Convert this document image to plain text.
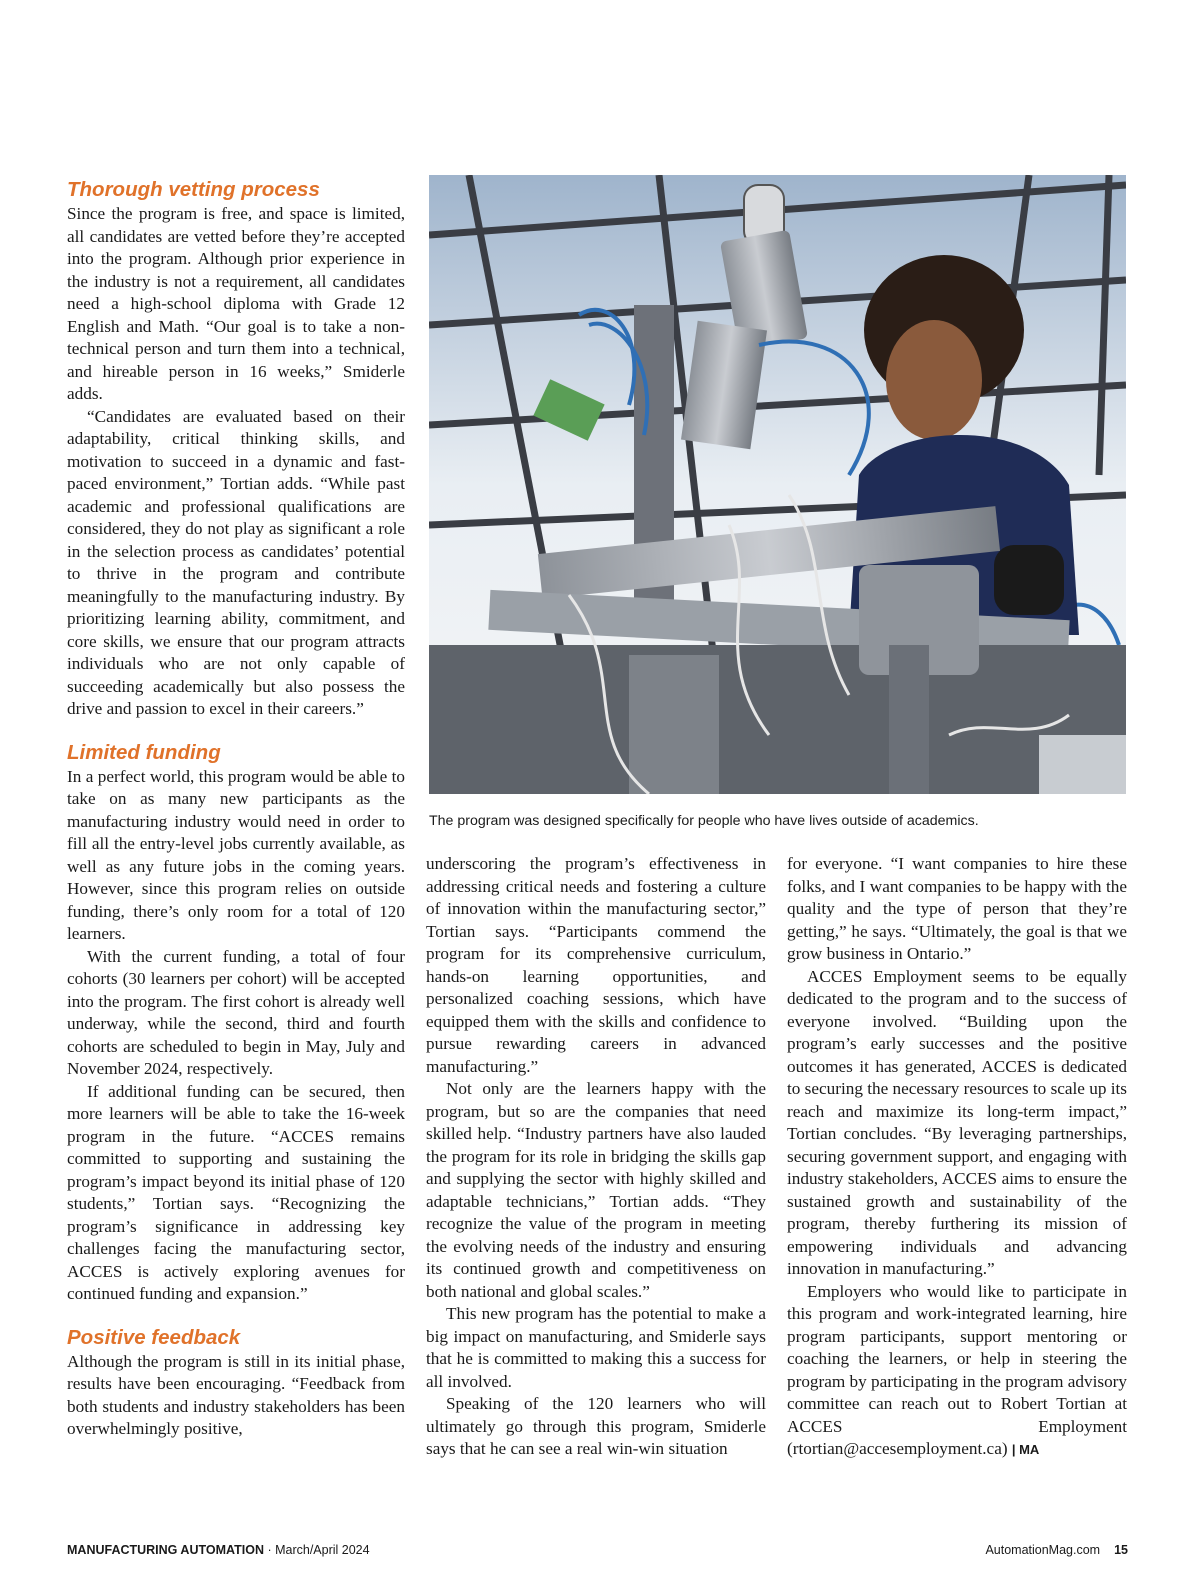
Thorough vetting process

Since the program is free, and space is limited, all candidates are vetted before they’re accepted into the program. Although prior experience in the industry is not a requirement, all candidates need a high-school diploma with Grade 12 English and Math. “Our goal is to take a non-technical person and turn them into a technical, and hireable person in 16 weeks,” Smiderle adds.

“Candidates are evaluated based on their adaptability, critical thinking skills, and motivation to succeed in a dynamic and fast-paced environment,” Tortian adds. “While past academic and professional qualifications are considered, they do not play as significant a role in the selection process as candidates’ potential to thrive in the program and contribute meaningfully to the manufacturing industry. By prioritizing learning ability, commitment, and core skills, we ensure that our program attracts individuals who are not only capable of succeeding academically but also possess the drive and passion to excel in their careers.”

Limited funding

In a perfect world, this program would be able to take on as many new participants as the manufacturing industry would need in order to fill all the entry-level jobs currently available, as well as any future jobs in the coming years. However, since this program relies on outside funding, there’s only room for a total of 120 learners.

With the current funding, a total of four cohorts (30 learners per cohort) will be accepted into the program. The first cohort is already well underway, while the second, third and fourth cohorts are scheduled to begin in May, July and November 2024, respectively.

If additional funding can be secured, then more learners will be able to take the 16-week program in the future. “ACCES remains committed to supporting and sustaining the program’s impact beyond its initial phase of 120 students,” Tortian says. “Recognizing the program’s significance in addressing key challenges facing the manufacturing sector, ACCES is actively exploring avenues for continued funding and expansion.”

Positive feedback

Although the program is still in its initial phase, results have been encouraging. “Feedback from both students and industry stakeholders has been overwhelmingly positive,

The program was designed specifically for people who have lives outside of academics.

underscoring the program’s effectiveness in addressing critical needs and fostering a culture of innovation within the manufacturing sector,” Tortian says. “Participants commend the program for its comprehensive curriculum, hands-on learning opportunities, and personalized coaching sessions, which have equipped them with the skills and confidence to pursue rewarding careers in advanced manufacturing.”

Not only are the learners happy with the program, but so are the companies that need skilled help. “Industry partners have also lauded the program for its role in bridging the skills gap and supplying the sector with highly skilled and adaptable technicians,” Tortian adds. “They recognize the value of the program in meeting the evolving needs of the industry and ensuring its continued growth and competitiveness on both national and global scales.”

This new program has the potential to make a big impact on manufacturing, and Smiderle says that he is committed to making this a success for all involved.

Speaking of the 120 learners who will ultimately go through this program, Smiderle says that he can see a real win-win situation

for everyone. “I want companies to hire these folks, and I want companies to be happy with the quality and the type of person that they’re getting,” he says. “Ultimately, the goal is that we grow business in Ontario.”

ACCES Employment seems to be equally dedicated to the program and to the success of everyone involved. “Building upon the program’s early successes and the positive outcomes it has generated, ACCES is dedicated to securing the necessary resources to scale up its reach and maximize its long-term impact,” Tortian concludes. “By leveraging partnerships, securing government support, and engaging with industry stakeholders, ACCES aims to ensure the sustained growth and sustainability of the program, thereby furthering its mission of empowering individuals and advancing innovation in manufacturing.”

Employers who would like to participate in this program and work-integrated learning, hire program participants, support mentoring or coaching the learners, or help in steering the program by participating in the program advisory committee can reach out to Robert Tortian at ACCES Employment (rtortian@accesemployment.ca) | MA

MANUFACTURING AUTOMATION · March/April 2024	AutomationMag.com 15
